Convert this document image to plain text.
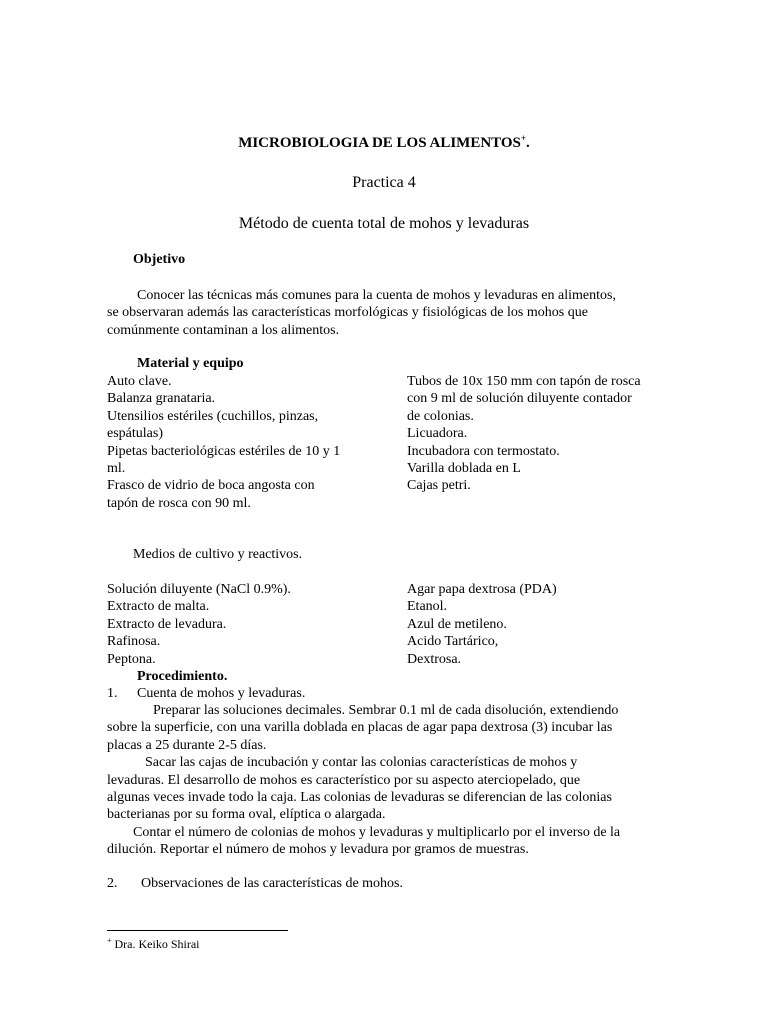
MICROBIOLOGIA DE LOS ALIMENTOS+.
Practica 4
Método de cuenta total de mohos y levaduras
Objetivo
Conocer las técnicas más comunes para la cuenta de mohos y levaduras en alimentos,
se observaran además las características morfológicas y fisiológicas de los mohos que
comúnmente contaminan a los alimentos.
Material y equipo
Auto clave.
Balanza granataria.
Utensilios estériles (cuchillos, pinzas,
espátulas)
Pipetas bacteriológicas estériles de 10 y 1
ml.
Frasco de vidrio de boca angosta con
tapón de rosca con 90 ml.
Tubos de 10x 150 mm con tapón de rosca
con 9 ml de solución diluyente contador
de colonias.
Licuadora.
Incubadora con termostato.
Varilla doblada en L
Cajas petri.
Medios de cultivo y reactivos.
Solución diluyente (NaCl 0.9%).
Extracto de malta.
Extracto de levadura.
Rafinosa.
Peptona.
Agar papa dextrosa (PDA)
Etanol.
Azul de metileno.
Acido Tartárico,
Dextrosa.
Procedimiento.
1. Cuenta de mohos y levaduras.
Preparar las soluciones decimales. Sembrar 0.1 ml de cada disolución, extendiendo
sobre la superficie, con una varilla doblada en placas de agar papa dextrosa (3) incubar las
placas a 25 durante 2-5 días.
Sacar las cajas de incubación y contar las colonias características de mohos y
levaduras. El desarrollo de mohos es característico por su aspecto aterciopelado, que
algunas veces invade todo la caja. Las colonias de levaduras se diferencian de las colonias
bacterianas por su forma oval, elíptica o alargada.
Contar el número de colonias de mohos y levaduras y multiplicarlo por el inverso de la
dilución. Reportar el número de mohos y levadura por gramos de muestras.
2. Observaciones de las características de mohos.
+ Dra. Keiko Shirai
